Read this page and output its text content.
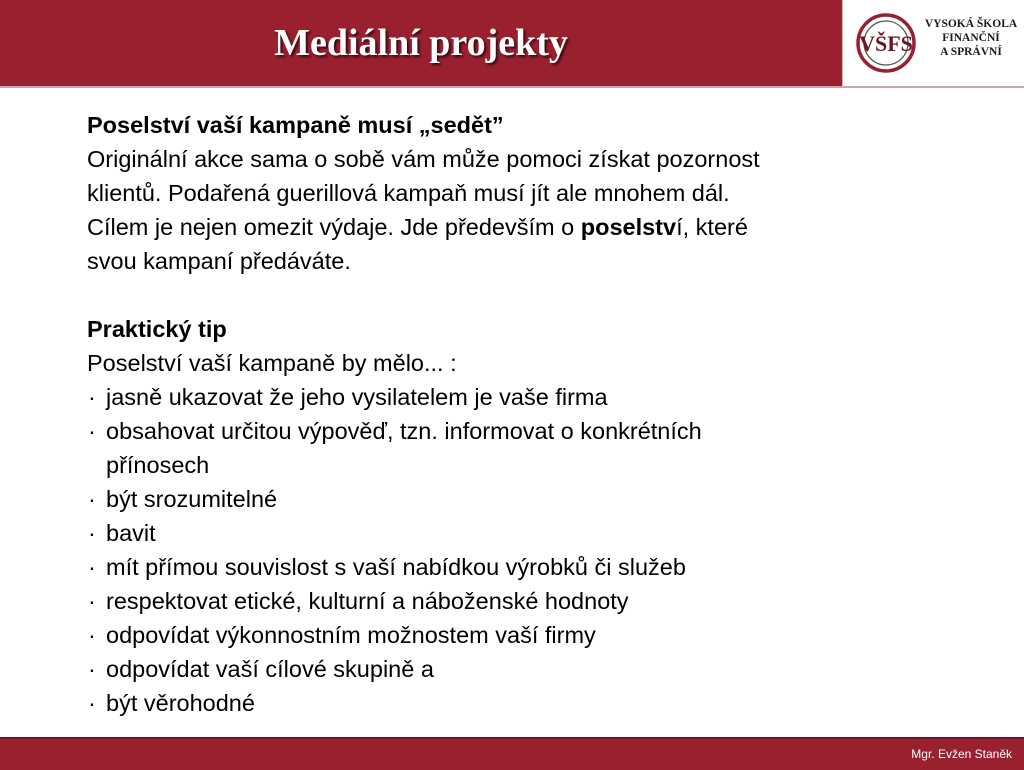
Mediální projekty	VŠFS
VYSOKÁ ŠKOLA
FINANČNÍ
A SPRÁVNÍ

Poselství vaší kampaně musí „sedět”

Originální akce sama o sobě vám může pomoci získat pozornost

klientů. Podařená guerillová kampaň musí jít ale mnohem dál.

Cílem je nejen omezit výdaje. Jde především o poselství, které

svou kampaní předáváte.

Praktický tip

Poselství vaší kampaně by mělo... :

· jasně ukazovat že jeho vysilatelem je vaše firma
· obsahovat určitou výpověď, tzn. informovat o konkrétních
přínosech
· být srozumitelné
· bavit
· mít přímou souvislost s vaší nabídkou výrobků či služeb
· respektovat etické, kulturní a náboženské hodnoty
· odpovídat výkonnostním možnostem vaší firmy
· odpovídat vaší cílové skupině a
· být věrohodné
Mgr. Evžen Staněk
